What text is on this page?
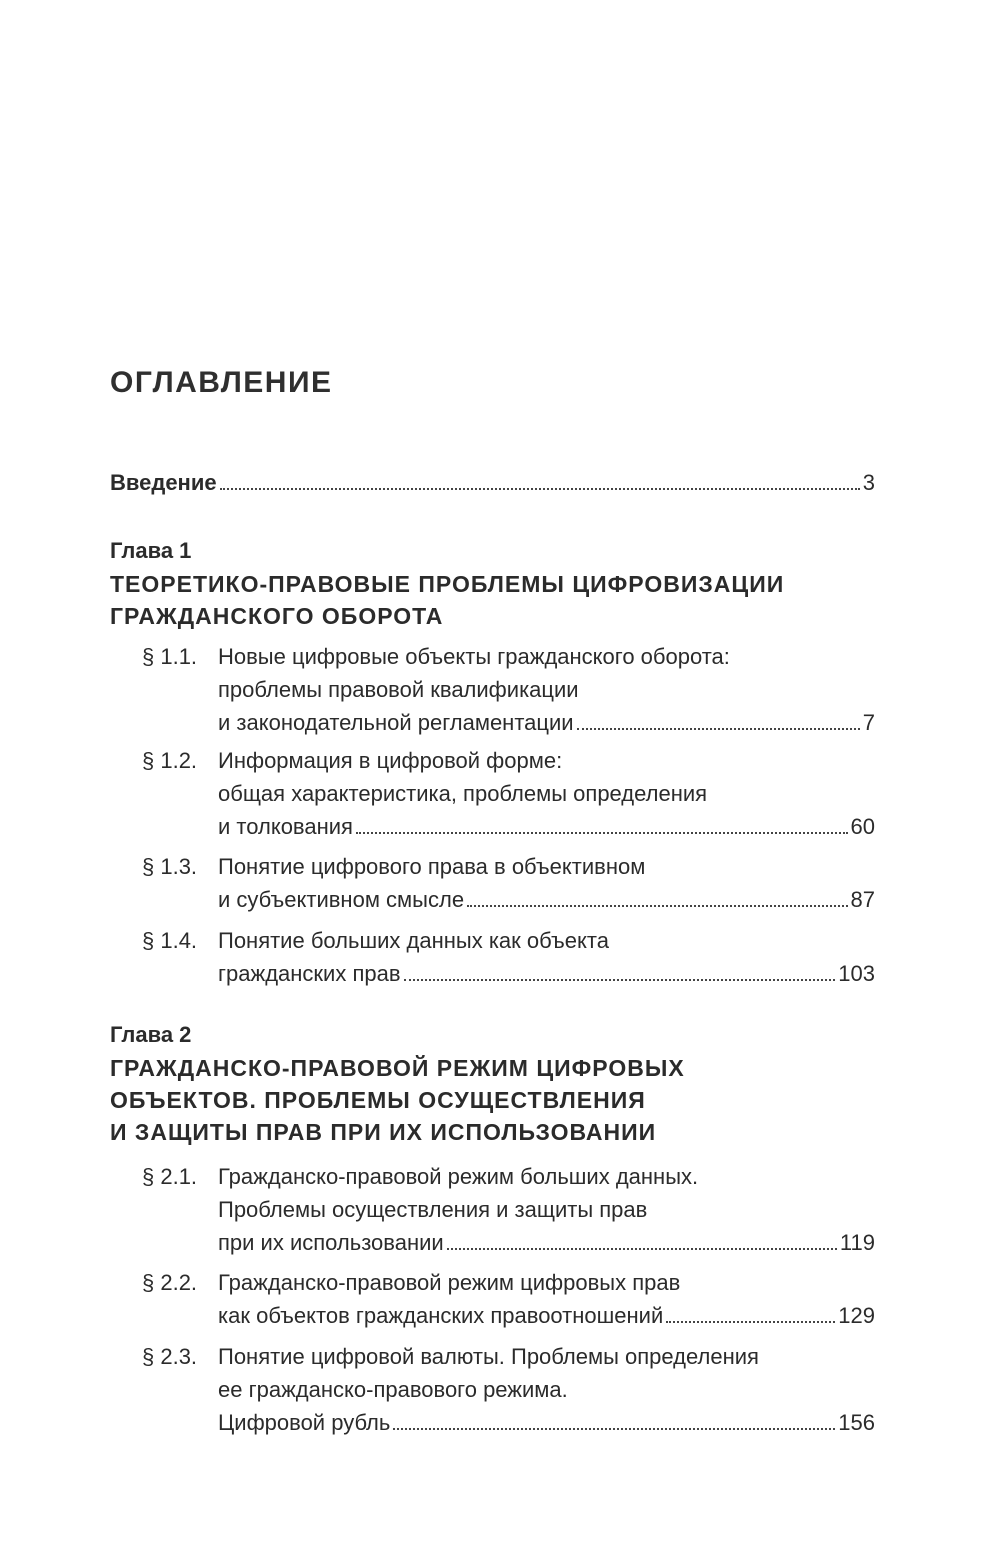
ОГЛАВЛЕНИЕ
Введение	3
Глава 1
ТЕОРЕТИКО-ПРАВОВЫЕ ПРОБЛЕМЫ ЦИФРОВИЗАЦИИ
ГРАЖДАНСКОГО ОБОРОТА
§ 1.1. Новые цифровые объекты гражданского оборота:
проблемы правовой квалификации
и законодательной регламентации	7
§ 1.2. Информация в цифровой форме:
общая характеристика, проблемы определения
и толкования	60
§ 1.3. Понятие цифрового права в объективном
и субъективном смысле	87
§ 1.4. Понятие больших данных как объекта
гражданских прав	103
Глава 2
ГРАЖДАНСКО-ПРАВОВОЙ РЕЖИМ ЦИФРОВЫХ
ОБЪЕКТОВ. ПРОБЛЕМЫ ОСУЩЕСТВЛЕНИЯ
И ЗАЩИТЫ ПРАВ ПРИ ИХ ИСПОЛЬЗОВАНИИ
§ 2.1. Гражданско-правовой режим больших данных.
Проблемы осуществления и защиты прав
при их использовании	119
§ 2.2. Гражданско-правовой режим цифровых прав
как объектов гражданских правоотношений	129
§ 2.3. Понятие цифровой валюты. Проблемы определения
ее гражданско-правового режима.
Цифровой рубль	156
